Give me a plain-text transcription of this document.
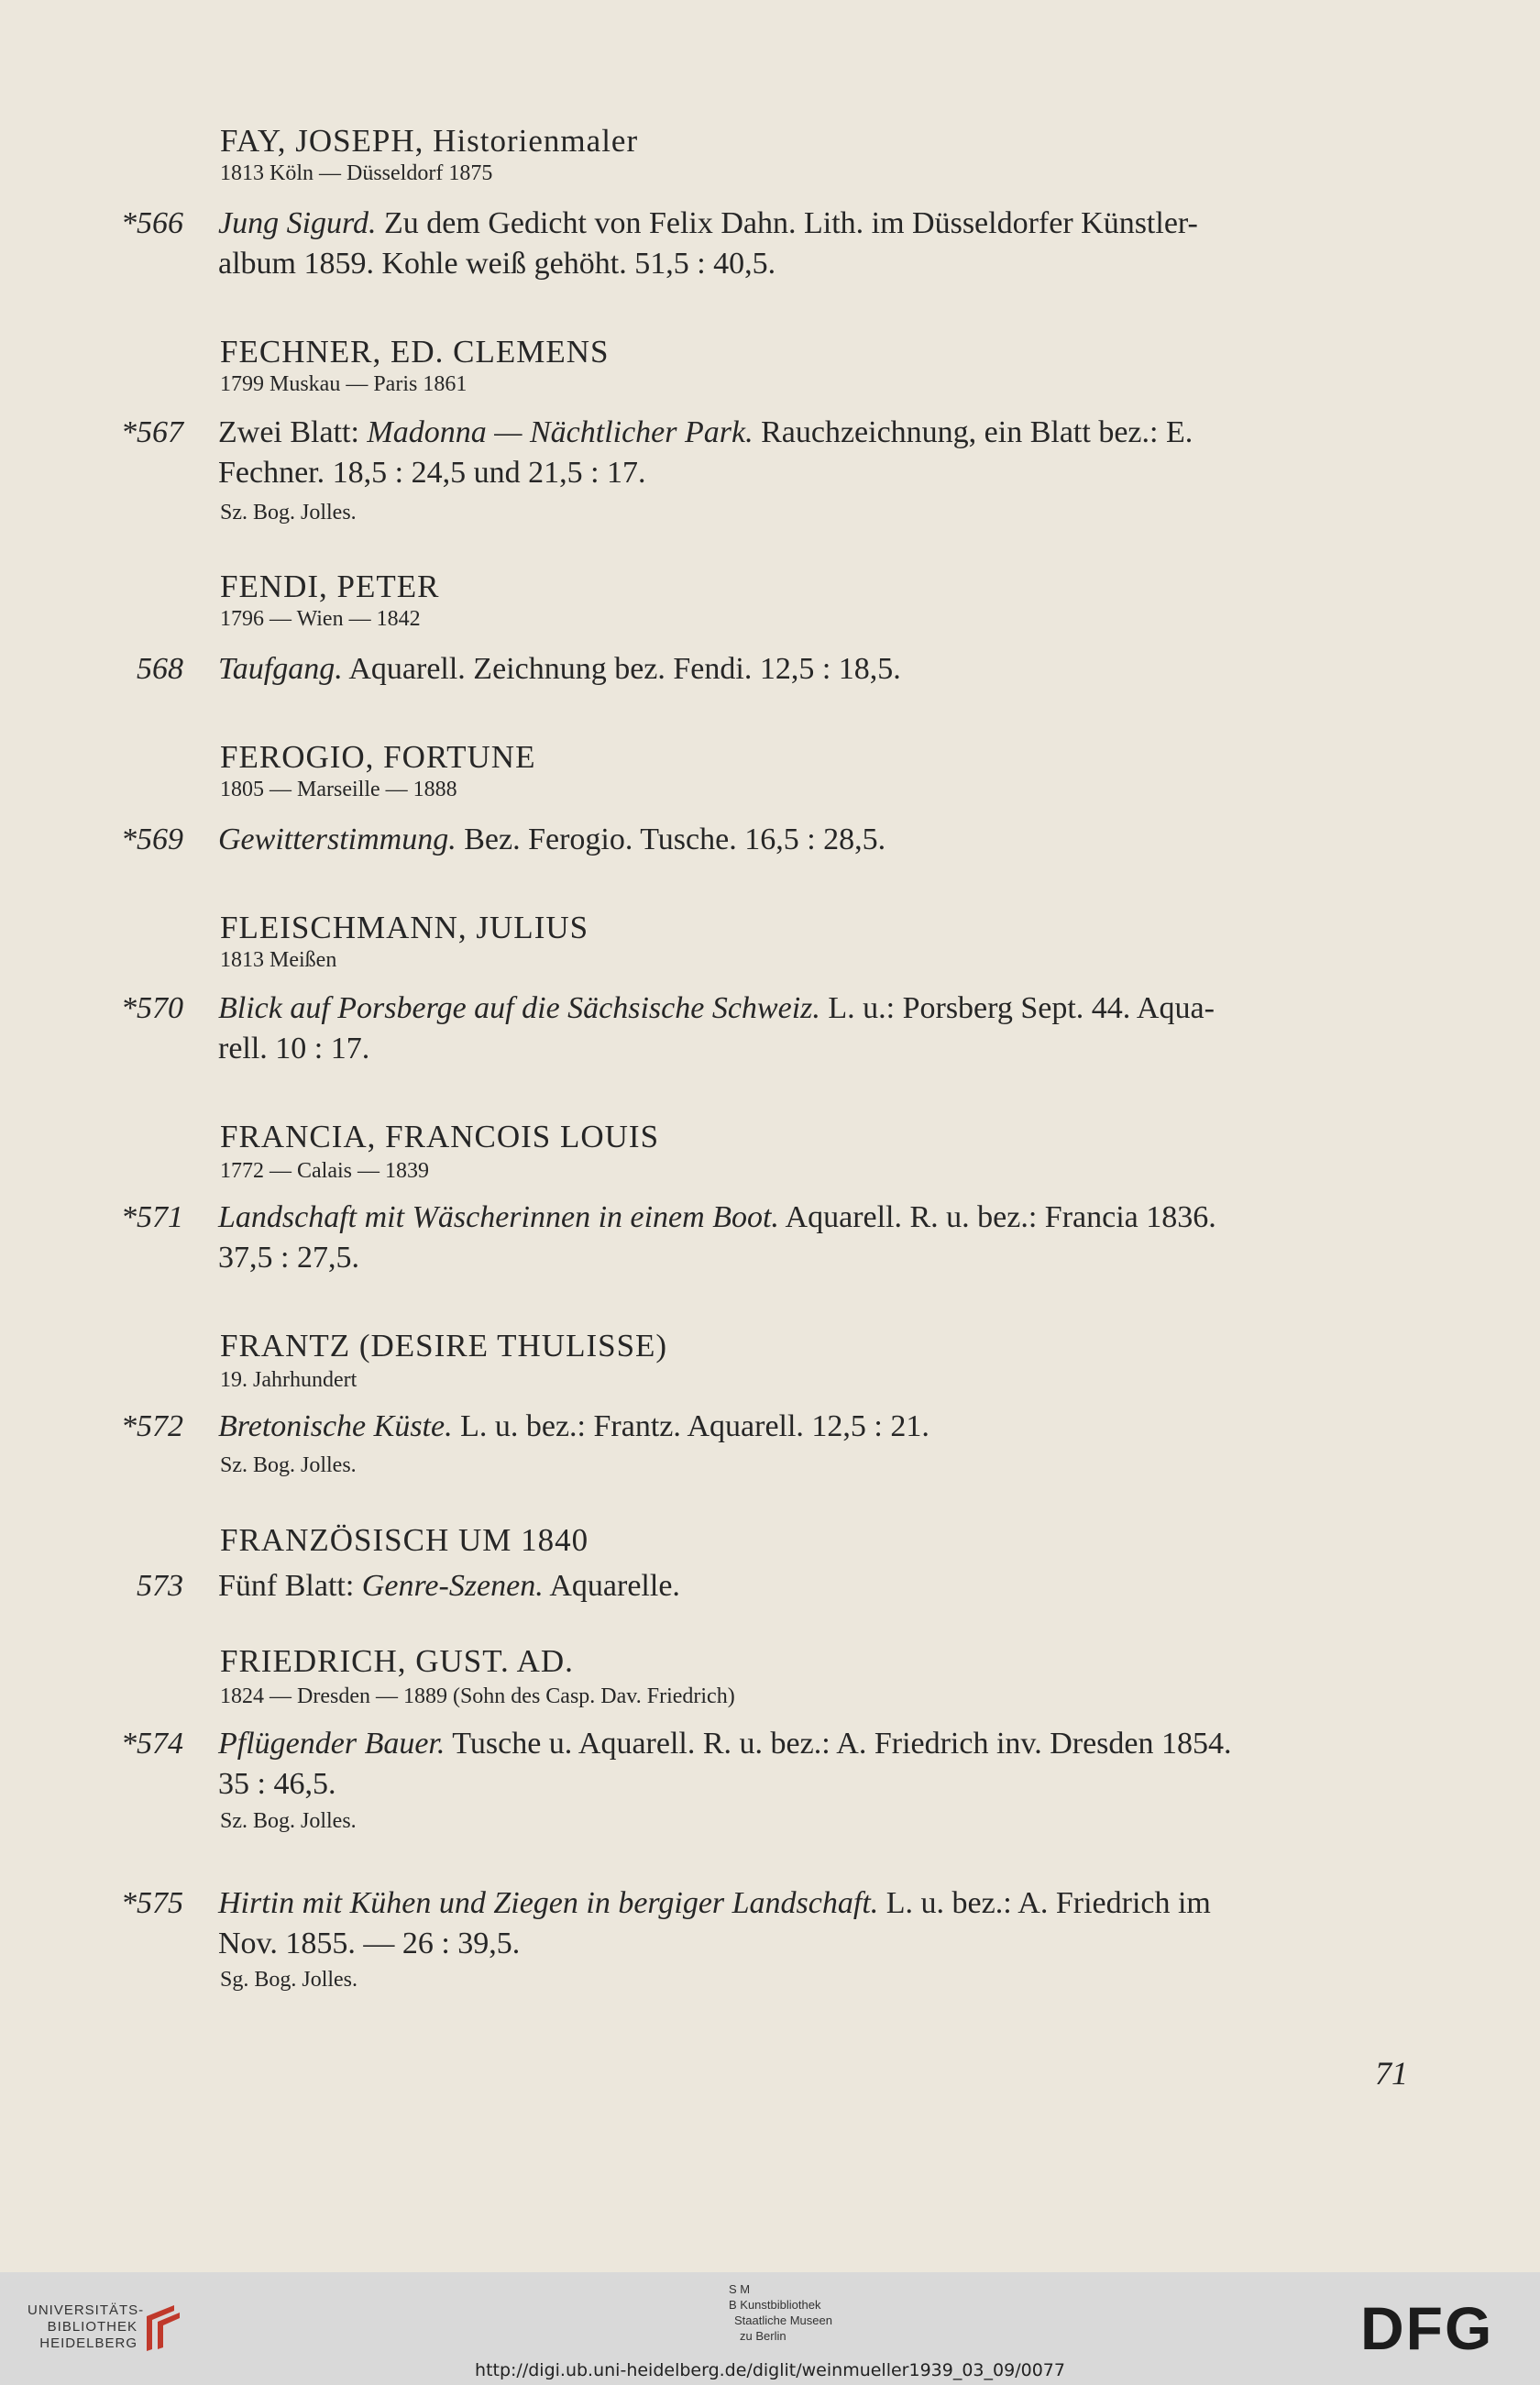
FAY, JOSEPH, Historienmaler
1813 Köln — Düsseldorf 1875
*566 Jung Sigurd. Zu dem Gedicht von Felix Dahn. Lith. im Düsseldorfer Künstler-
album 1859. Kohle weiß gehöht. 51,5 : 40,5.
FECHNER, ED. CLEMENS
1799 Muskau — Paris 1861
*567 Zwei Blatt: Madonna — Nächtlicher Park. Rauchzeichnung, ein Blatt bez.: E.
Fechner. 18,5 : 24,5 und 21,5 : 17.
Sz. Bog. Jolles.
FENDI, PETER
1796 — Wien — 1842
568 Taufgang. Aquarell. Zeichnung bez. Fendi. 12,5 : 18,5.
FEROGIO, FORTUNE
1805 — Marseille — 1888
*569 Gewitterstimmung. Bez. Ferogio. Tusche. 16,5 : 28,5.
FLEISCHMANN, JULIUS
1813 Meißen
*570 Blick auf Porsberge auf die Sächsische Schweiz. L. u.: Porsberg Sept. 44. Aqua-
rell. 10 : 17.
FRANCIA, FRANCOIS LOUIS
1772 — Calais — 1839
*571 Landschaft mit Wäscherinnen in einem Boot. Aquarell. R. u. bez.: Francia 1836.
37,5 : 27,5.
FRANTZ (DESIRE THULISSE)
19. Jahrhundert
*572 Bretonische Küste. L. u. bez.: Frantz. Aquarell. 12,5 : 21.
Sz. Bog. Jolles.
FRANZÖSISCH UM 1840
573 Fünf Blatt: Genre-Szenen. Aquarelle.
FRIEDRICH, GUST. AD.
1824 — Dresden — 1889 (Sohn des Casp. Dav. Friedrich)
*574 Pflügender Bauer. Tusche u. Aquarell. R. u. bez.: A. Friedrich inv. Dresden 1854.
35 : 46,5.
Sz. Bog. Jolles.
*575 Hirtin mit Kühen und Ziegen in bergiger Landschaft. L. u. bez.: A. Friedrich im
Nov. 1855. — 26 : 39,5.
Sg. Bog. Jolles.
71
UNIVERSITÄTS-
BIBLIOTHEK
HEIDELBERG
S M
B Kunstbibliothek
Staatliche Museen
zu Berlin	DFG
http://digi.ub.uni-heidelberg.de/diglit/weinmueller1939_03_09/0077
